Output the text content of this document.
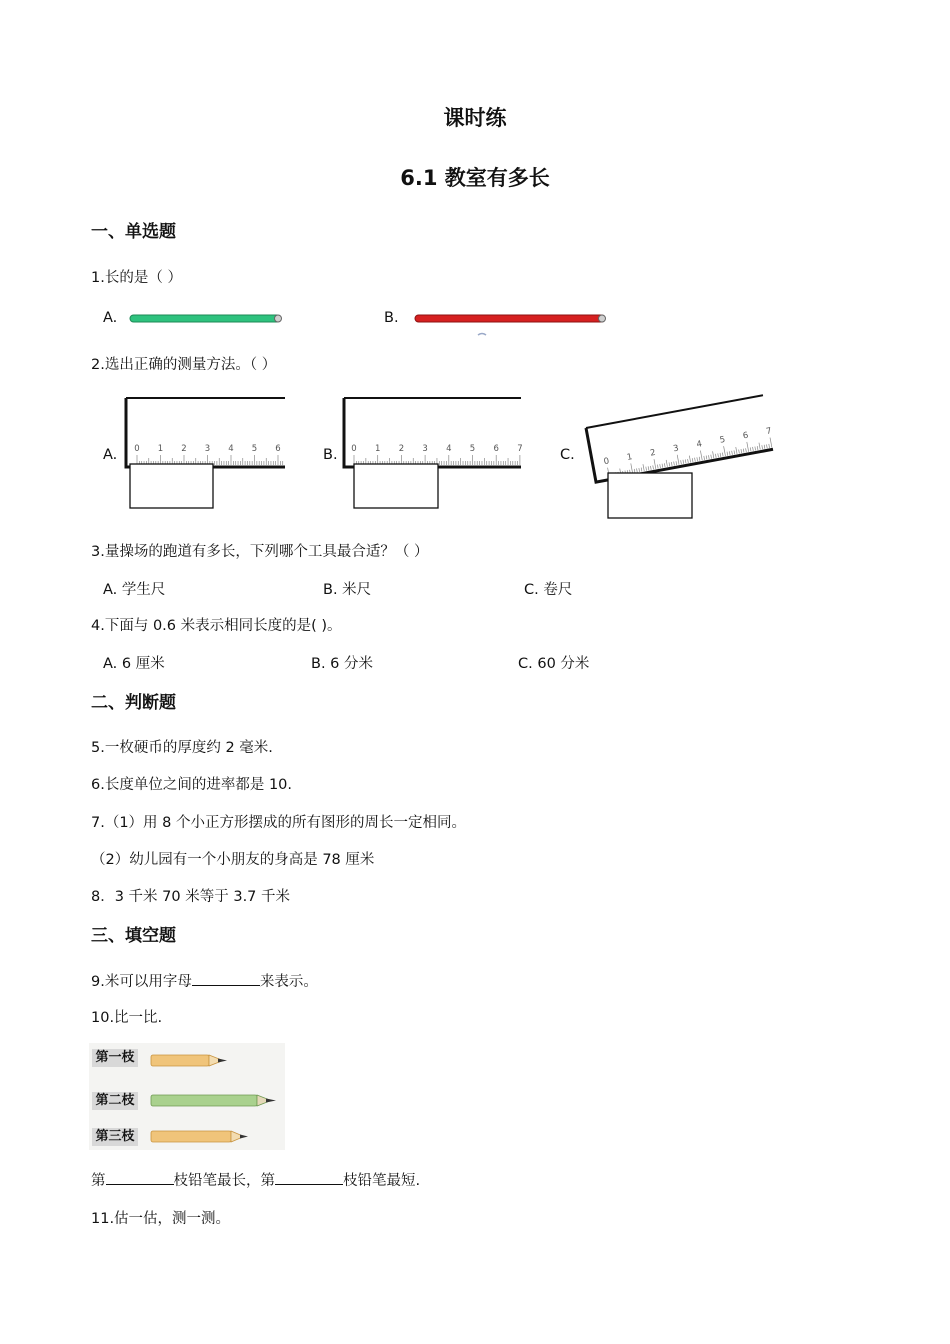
课时练
6.1 教室有多长
一、单选题
1.长的是（ ）
A.	B.
2.选出正确的测量方法。（ ）
A.	B.	C.
0 1 2 3 4 5 6	0 1 2 3 4 5 6 7
0 1 2 3 4 5 6 7
3.量操场的跑道有多长，下列哪个工具最合适？（ ）
A. 学生尺	B. 米尺	C. 卷尺
4.下面与 0.6 米表示相同长度的是( )。
A. 6 厘米	B. 6 分米	C. 60 分米
二、判断题
5.一枚硬币的厚度约 2 毫米.
6.长度单位之间的进率都是 10.
7.（1）用 8 个小正方形摆成的所有图形的周长一定相同。
（2）幼儿园有一个小朋友的身高是 78 厘米
8．3 千米 70 米等于 3.7 千米
三、填空题
9.米可以用字母	来表示。
10.比一比.
第一枝
第二枝
第三枝
第	枝铅笔最长，第	枝铅笔最短.
11.估一估，测一测。
